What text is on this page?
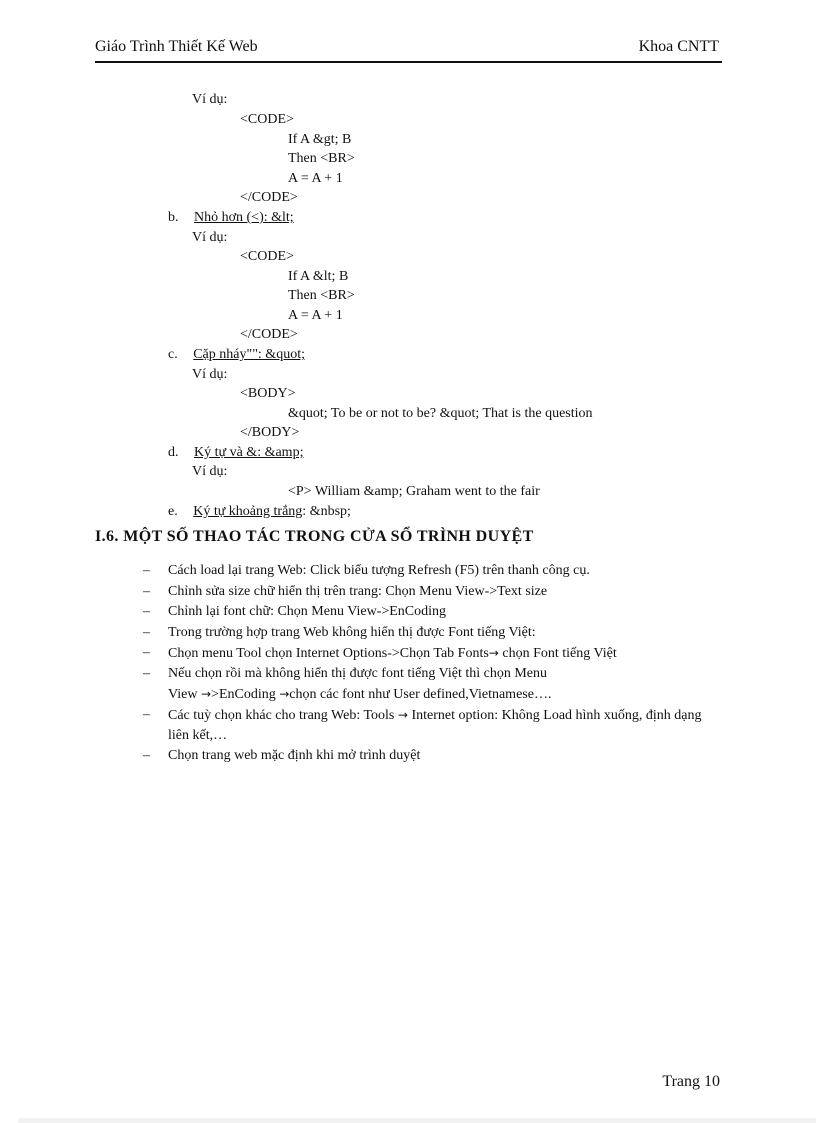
Giáo Trình Thiết Kế Web	Khoa CNTT
Ví dụ:
<CODE>
If A &gt; B
Then <BR>
A = A + 1
</CODE>
b. Nhỏ hơn (<): &lt;
Ví dụ:
<CODE>
If A &lt; B
Then <BR>
A = A + 1
</CODE>
c. Cặp nháy"": &quot;
Ví dụ:
<BODY>
&quot; To be or not to be? &quot; That is the question
</BODY>
d. Ký tự và &: &amp;
Ví dụ:
<P> William &amp; Graham went to the fair
e. Ký tự khoảng trắng: &nbsp;
I.6. MỘT SỐ THAO TÁC TRONG CỬA SỔ TRÌNH DUYỆT
– Cách load lại trang Web: Click biểu tượng Refresh (F5) trên thanh công cụ.
– Chỉnh sửa size chữ hiển thị trên trang: Chọn Menu View->Text size
– Chỉnh lại font chữ: Chọn Menu View->EnCoding
– Trong trường hợp trang Web không hiển thị được Font tiếng Việt:
– Chọn menu Tool chọn Internet Options->Chọn Tab Fonts→ chọn Font tiếng Việt
– Nếu chọn rồi mà không hiển thị được font tiếng Việt thì chọn Menu
View →>EnCoding →chọn các font như User defined,Vietnamese….
– Các tuỳ chọn khác cho trang Web: Tools → Internet option: Không Load hình xuống, định dạng liên kết,…
– Chọn trang web mặc định khi mở trình duyệt
Trang 10
